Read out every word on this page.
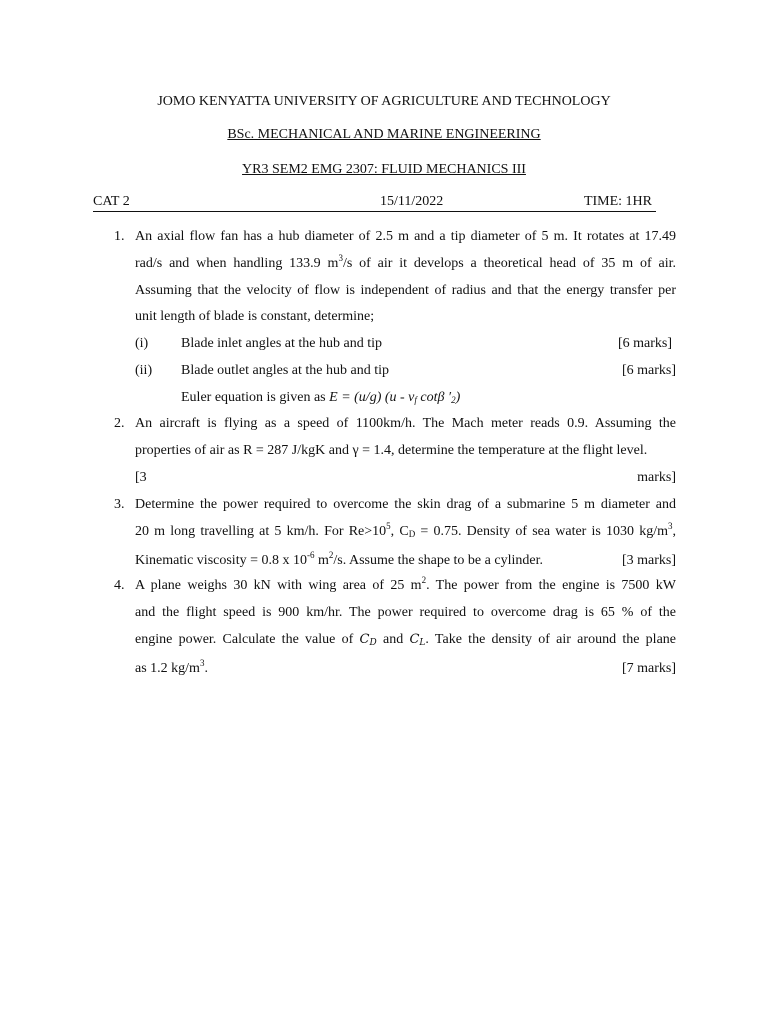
JOMO KENYATTA UNIVERSITY OF AGRICULTURE AND TECHNOLOGY
BSc. MECHANICAL AND MARINE ENGINEERING
YR3 SEM2 EMG 2307: FLUID MECHANICS III
CAT 2	15/11/2022	TIME: 1HR
1. An axial flow fan has a hub diameter of 2.5 m and a tip diameter of 5 m. It rotates at 17.49

rad/s and when handling 133.9 $m^3/s$ of air it develops a theoretical head of 35 m of air.

Assuming that the velocity of flow is independent of radius and that the energy transfer per

unit length of blade is constant, determine;

(i) Blade inlet angles at the hub and tip	[6 marks]
(ii) Blade outlet angles at the hub and tip	[6 marks]
Euler equation is given as E = (u/g) (u - vf cotβ ′2)
2. An aircraft is flying as a speed of 1100km/h. The Mach meter reads 0.9. Assuming the

properties of air as R = 287 J/kgK and γ = 1.4, determine the temperature at the flight level.

[3 marks]

3. Determine the power required to overcome the skin drag of a submarine 5 m diameter and

20 m long travelling at 5 km/h. For $Re>10^5$, CD = 0.75. Density of sea water is 1030 $kg/m^3$,

Kinematic viscosity = 0.8 x $10^{-6}$ $m^2/s$. Assume the shape to be a cylinder.	[3 marks]
4. A plane weighs 30 kN with wing area of 25 $m^2$. The power from the engine is 7500 kW

and the flight speed is 900 km/hr. The power required to overcome drag is 65 % of the

engine power. Calculate the value of CD and CL. Take the density of air around the plane

as 1.2 $kg/m^3$.	[7 marks]
